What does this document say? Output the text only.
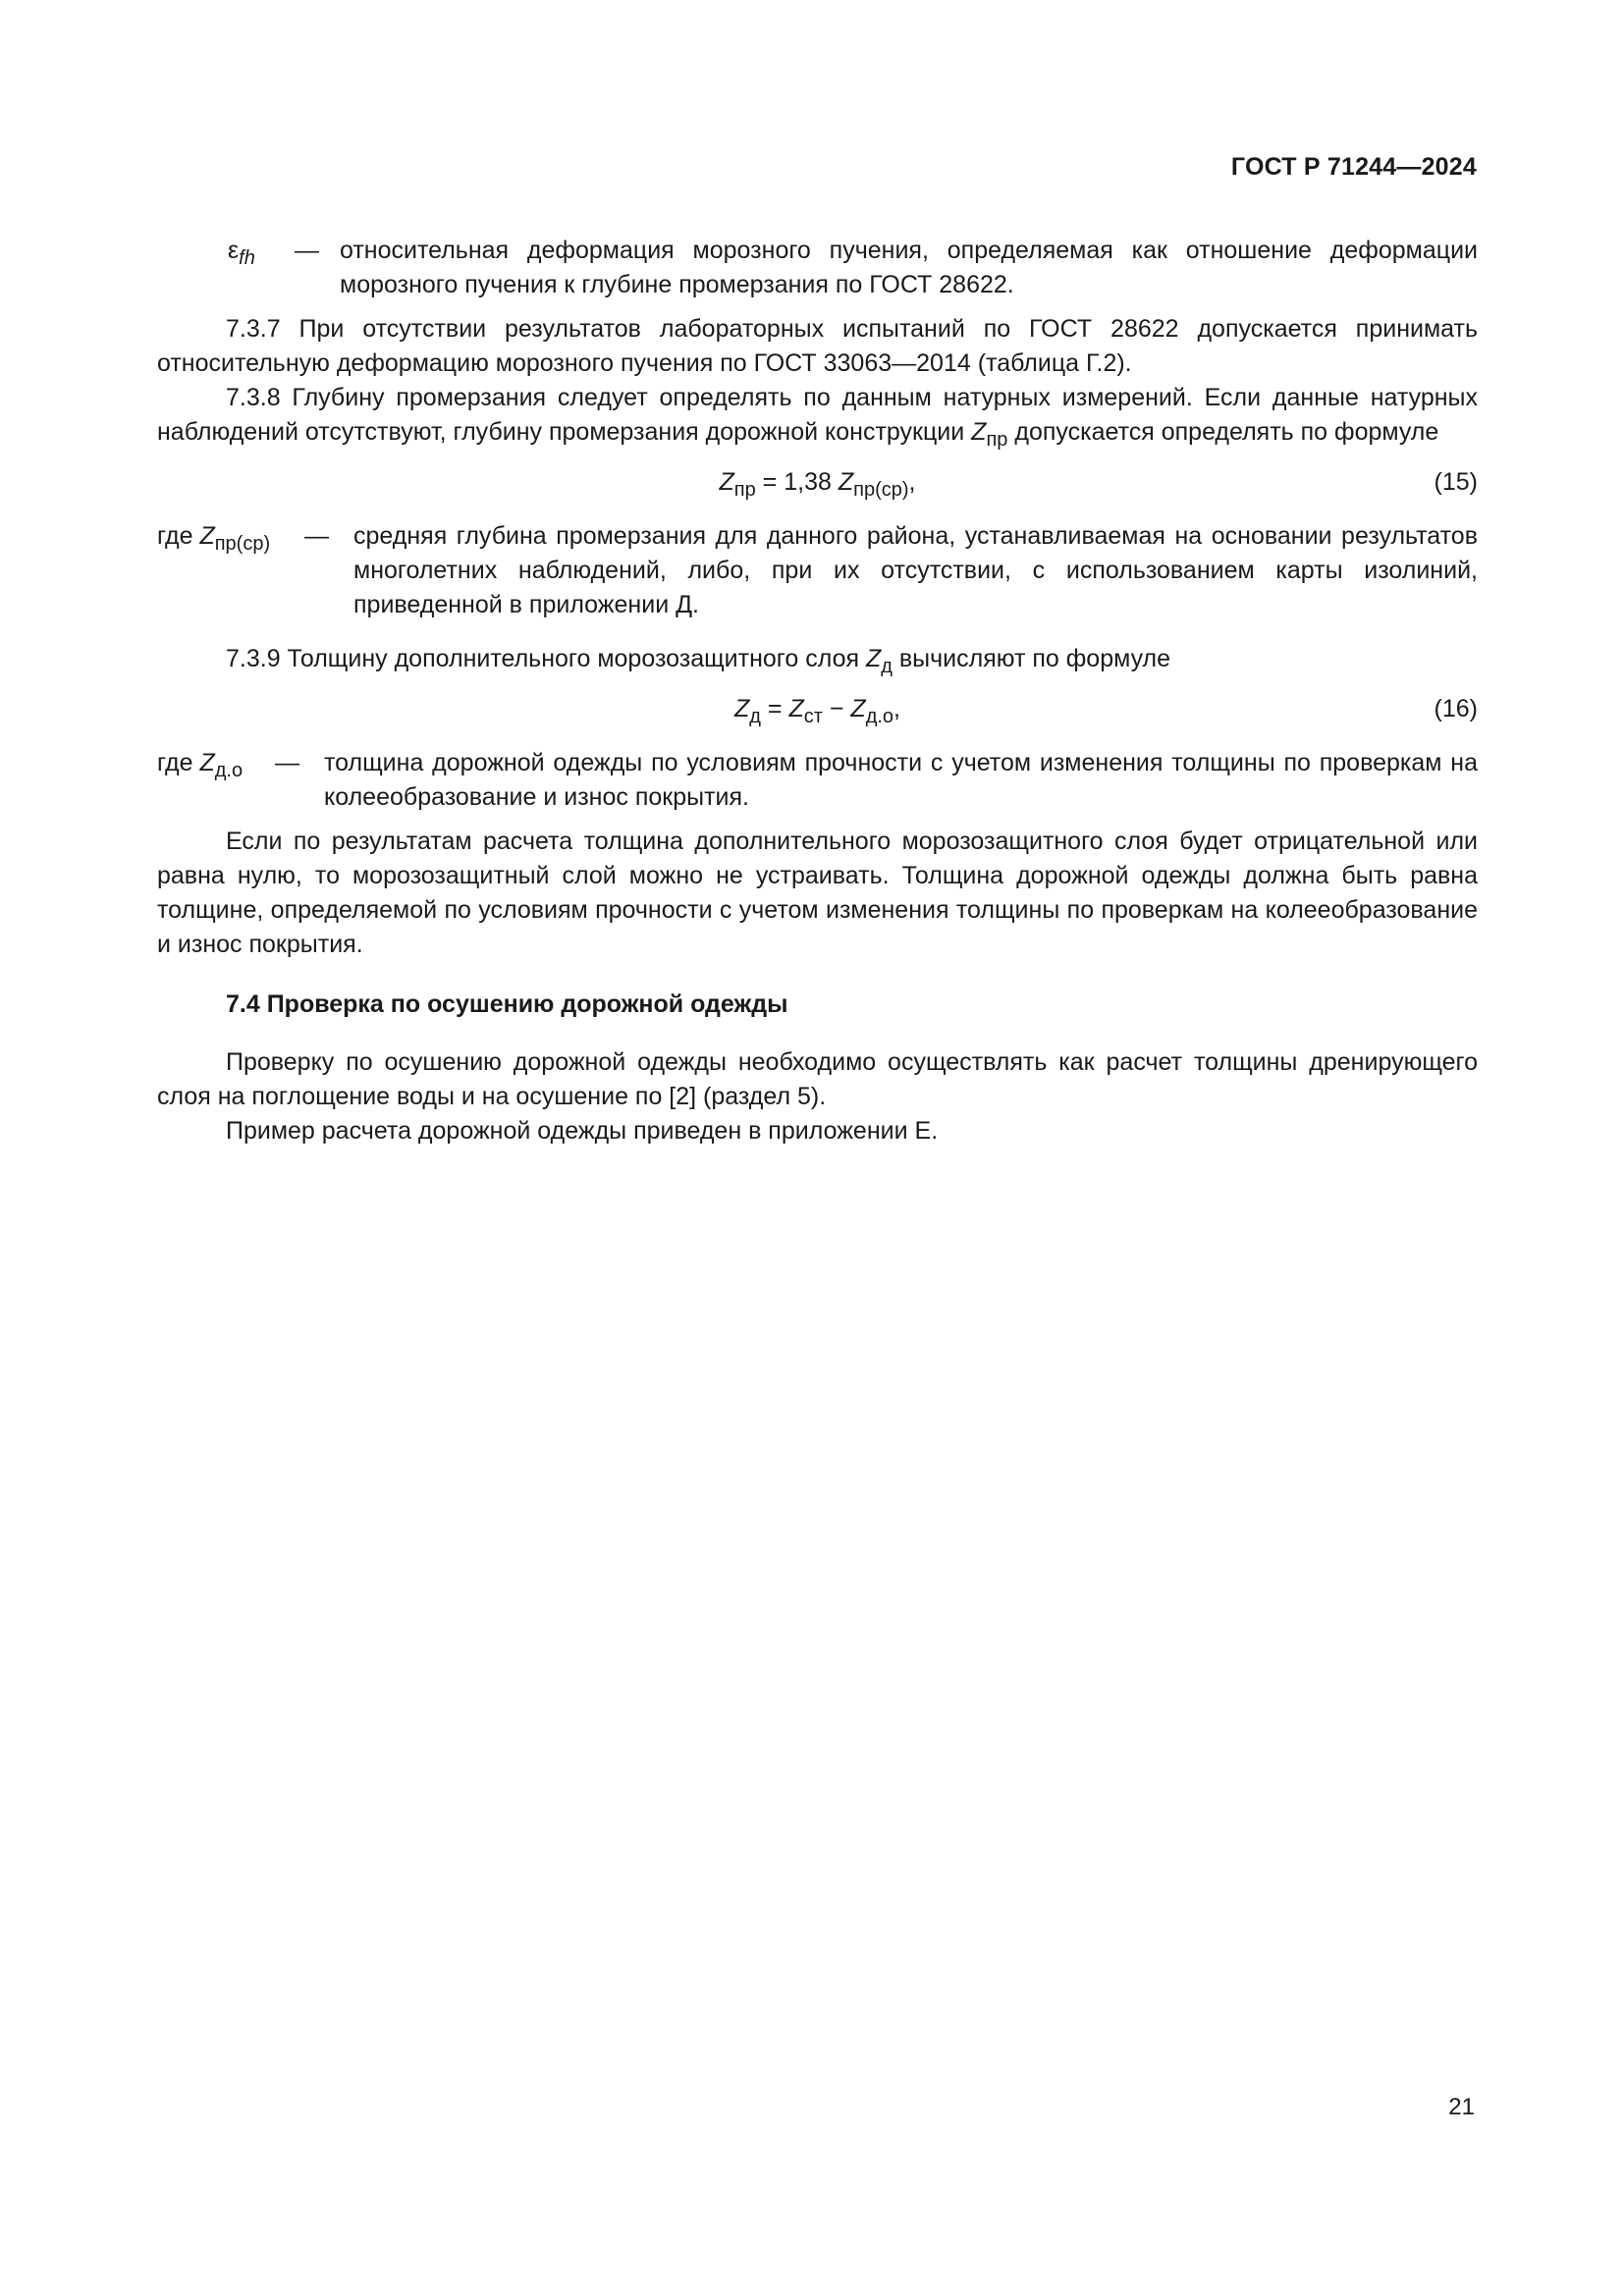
ГОСТ Р 71244—2024
$\varepsilon_{fh}$	— относительная деформация морозного пучения, определяемая как отношение деформации морозного пучения к глубине промерзания по ГОСТ 28622.

7.3.7 При отсутствии результатов лабораторных испытаний по ГОСТ 28622 допускается принимать относительную деформацию морозного пучения по ГОСТ 33063—2014 (таблица Г.2).

7.3.8 Глубину промерзания следует определять по данным натурных измерений. Если данные натурных наблюдений отсутствуют, глубину промерзания дорожной конструкции $Z_{пр}$ допускается определять по формуле

$Z_{пр} = 1,38$ $Z_{пр(ср)}$,	(15)
где $Z_{пр(ср)}$	—	средняя глубина промерзания для данного района, устанавливаемая на основании результатов многолетних наблюдений, либо, при их отсутствии, с использованием карты изолиний, приведенной в приложении Д.

7.3.9 Толщину дополнительного морозозащитного слоя $Z_д$ вычисляют по формуле

$Z_д = Z_{ст} - Z_{д.о}$,	(16)
где $Z_{д.о}$	—	толщина дорожной одежды по условиям прочности с учетом изменения толщины по проверкам на колееобразование и износ покрытия.

Если по результатам расчета толщина дополнительного морозозащитного слоя будет отрицательной или равна нулю, то морозозащитный слой можно не устраивать. Толщина дорожной одежды должна быть равна толщине, определяемой по условиям прочности с учетом изменения толщины по проверкам на колееобразование и износ покрытия.

7.4 Проверка по осушению дорожной одежды

Проверку по осушению дорожной одежды необходимо осуществлять как расчет толщины дренирующего слоя на поглощение воды и на осушение по [2] (раздел 5).

Пример расчета дорожной одежды приведен в приложении Е.

21
